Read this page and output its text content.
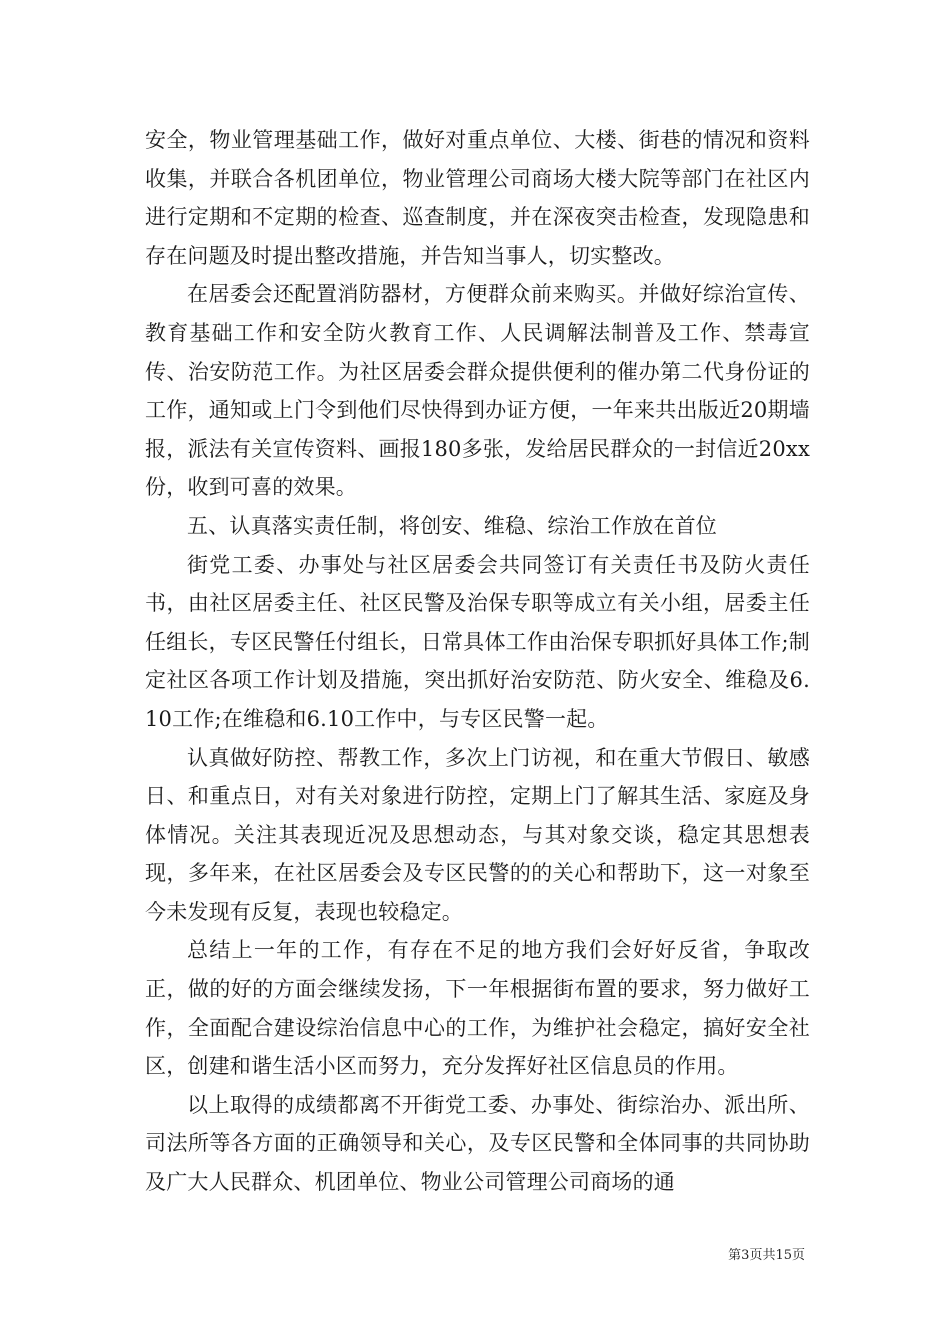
安全，物业管理基础工作，做好对重点单位、大楼、街巷的情况和资料收集，并联合各机团单位，物业管理公司商场大楼大院等部门在社区内进行定期和不定期的检查、巡查制度，并在深夜突击检查，发现隐患和存在问题及时提出整改措施，并告知当事人，切实整改。

在居委会还配置消防器材，方便群众前来购买。并做好综治宣传、教育基础工作和安全防火教育工作、人民调解法制普及工作、禁毒宣传、治安防范工作。为社区居委会群众提供便利的催办第二代身份证的工作，通知或上门令到他们尽快得到办证方便，一年来共出版近20期墙报，派法有关宣传资料、画报180多张，发给居民群众的一封信近20xx份，收到可喜的效果。

五、认真落实责任制，将创安、维稳、综治工作放在首位

街党工委、办事处与社区居委会共同签订有关责任书及防火责任书，由社区居委主任、社区民警及治保专职等成立有关小组，居委主任任组长，专区民警任付组长，日常具体工作由治保专职抓好具体工作;制定社区各项工作计划及措施，突出抓好治安防范、防火安全、维稳及6.10工作;在维稳和6.10工作中，与专区民警一起。

认真做好防控、帮教工作，多次上门访视，和在重大节假日、敏感日、和重点日，对有关对象进行防控，定期上门了解其生活、家庭及身体情况。关注其表现近况及思想动态，与其对象交谈，稳定其思想表现，多年来，在社区居委会及专区民警的的关心和帮助下，这一对象至今未发现有反复，表现也较稳定。

总结上一年的工作，有存在不足的地方我们会好好反省，争取改正，做的好的方面会继续发扬，下一年根据街布置的要求，努力做好工作，全面配合建设综治信息中心的工作，为维护社会稳定，搞好安全社区，创建和谐生活小区而努力，充分发挥好社区信息员的作用。

以上取得的成绩都离不开街党工委、办事处、街综治办、派出所、司法所等各方面的正确领导和关心，及专区民警和全体同事的共同协助及广大人民群众、机团单位、物业公司管理公司商场的通

第3页共15页
